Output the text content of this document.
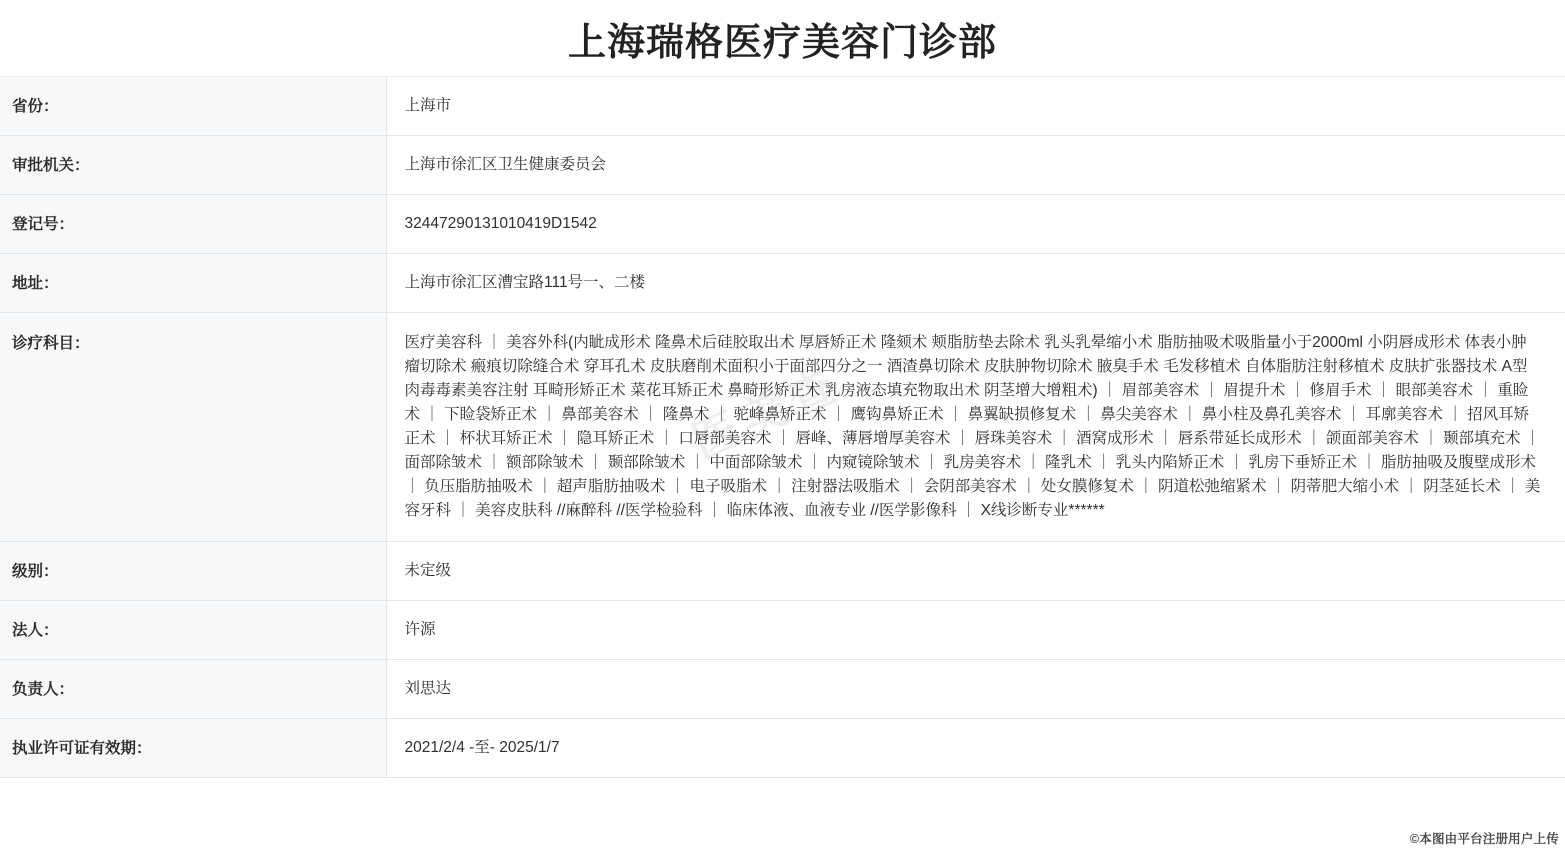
上海瑞格医疗美容门诊部
省份：	上海市
审批机关：	上海市徐汇区卫生健康委员会
登记号：	32447290131010419D1542
地址：	上海市徐汇区漕宝路111号一、二楼
诊疗科目：	医疗美容科 ｜ 美容外科(内眦成形术 隆鼻术后硅胶取出术 厚唇矫正术 隆颏术 颊脂肪垫去除术 乳头乳晕缩小术 脂肪抽吸术吸脂量小于2000ml 小阴唇成形术 体表小肿瘤切除术 瘢痕切除缝合术 穿耳孔术 皮肤磨削术面积小于面部四分之一 酒渣鼻切除术 皮肤肿物切除术 腋臭手术 毛发移植术 自体脂肪注射移植术 皮肤扩张器技术 A型肉毒毒素美容注射 耳畸形矫正术 菜花耳矫正术 鼻畸形矫正术 乳房液态填充物取出术 阴茎增大增粗术) ｜ 眉部美容术 ｜ 眉提升术 ｜ 修眉手术 ｜ 眼部美容术 ｜ 重睑术 ｜ 下睑袋矫正术 ｜ 鼻部美容术 ｜ 隆鼻术 ｜ 驼峰鼻矫正术 ｜ 鹰钩鼻矫正术 ｜ 鼻翼缺损修复术 ｜ 鼻尖美容术 ｜ 鼻小柱及鼻孔美容术 ｜ 耳廓美容术 ｜ 招风耳矫正术 ｜ 杯状耳矫正术 ｜ 隐耳矫正术 ｜ 口唇部美容术 ｜ 唇峰、薄唇增厚美容术 ｜ 唇珠美容术 ｜ 酒窝成形术 ｜ 唇系带延长成形术 ｜ 颌面部美容术 ｜ 颞部填充术 ｜ 面部除皱术 ｜ 额部除皱术 ｜ 颞部除皱术 ｜ 中面部除皱术 ｜ 内窥镜除皱术 ｜ 乳房美容术 ｜ 隆乳术 ｜ 乳头内陷矫正术 ｜ 乳房下垂矫正术 ｜ 脂肪抽吸及腹壁成形术 ｜ 负压脂肪抽吸术 ｜ 超声脂肪抽吸术 ｜ 电子吸脂术 ｜ 注射器法吸脂术 ｜ 会阴部美容术 ｜ 处女膜修复术 ｜ 阴道松弛缩紧术 ｜ 阴蒂肥大缩小术 ｜ 阴茎延长术 ｜ 美容牙科 ｜ 美容皮肤科 //麻醉科 //医学检验科 ｜ 临床体液、血液专业 //医学影像科 ｜ X线诊断专业******
级别：	未定级
法人：	许源
负责人：	刘思达
执业许可证有效期：	2021/2/4 -至- 2025/1/7
©本图由平台注册用户上传
